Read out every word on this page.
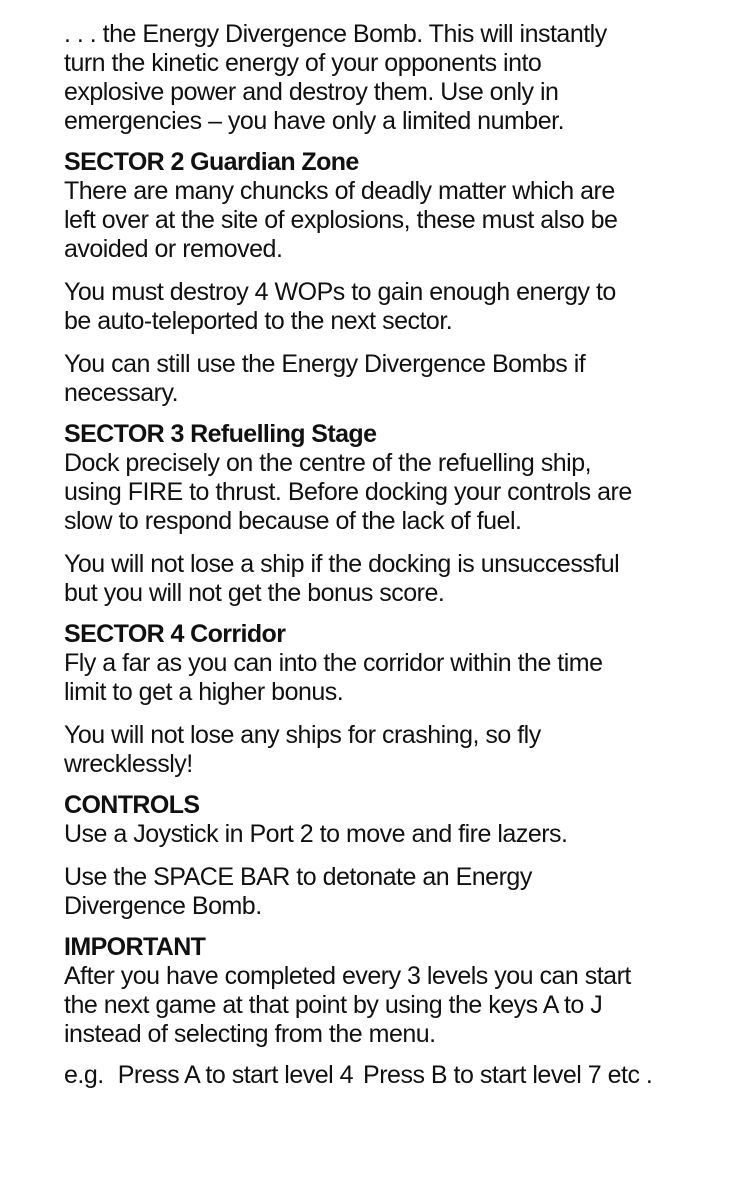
. . . the Energy Divergence Bomb. This will instantly
turn the kinetic energy of your opponents into
explosive power and destroy them. Use only in
emergencies – you have only a limited number.

SECTOR 2 Guardian Zone

There are many chuncks of deadly matter which are
left over at the site of explosions, these must also be
avoided or removed.

You must destroy 4 WOPs to gain enough energy to
be auto-teleported to the next sector.

You can still use the Energy Divergence Bombs if
necessary.

SECTOR 3 Refuelling Stage

Dock precisely on the centre of the refuelling ship,
using FIRE to thrust. Before docking your controls are
slow to respond because of the lack of fuel.

You will not lose a ship if the docking is unsuccessful
but you will not get the bonus score.

SECTOR 4 Corridor

Fly a far as you can into the corridor within the time
limit to get a higher bonus.

You will not lose any ships for crashing, so fly
wrecklessly!

CONTROLS

Use a Joystick in Port 2 to move and fire lazers.

Use the SPACE BAR to detonate an Energy
Divergence Bomb.

IMPORTANT

After you have completed every 3 levels you can start
the next game at that point by using the keys A to J
instead of selecting from the menu.

e.g. Press A to start level 4 Press B to start level 7 etc .
